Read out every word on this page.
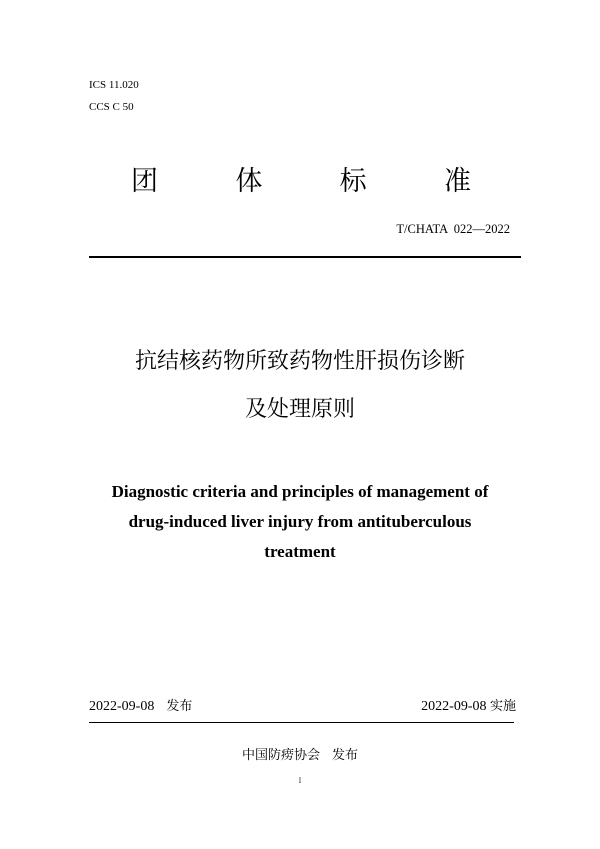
ICS 11.020
CCS C 50
团	体	标	准
T/CHATA  022—2022
抗结核药物所致药物性肝损伤诊断
及处理原则
Diagnostic criteria and principles of management of
drug-induced liver injury from antituberculous
treatment
2022-09-08 发布	2022-09-08 实施
中国防痨协会 发布
I
